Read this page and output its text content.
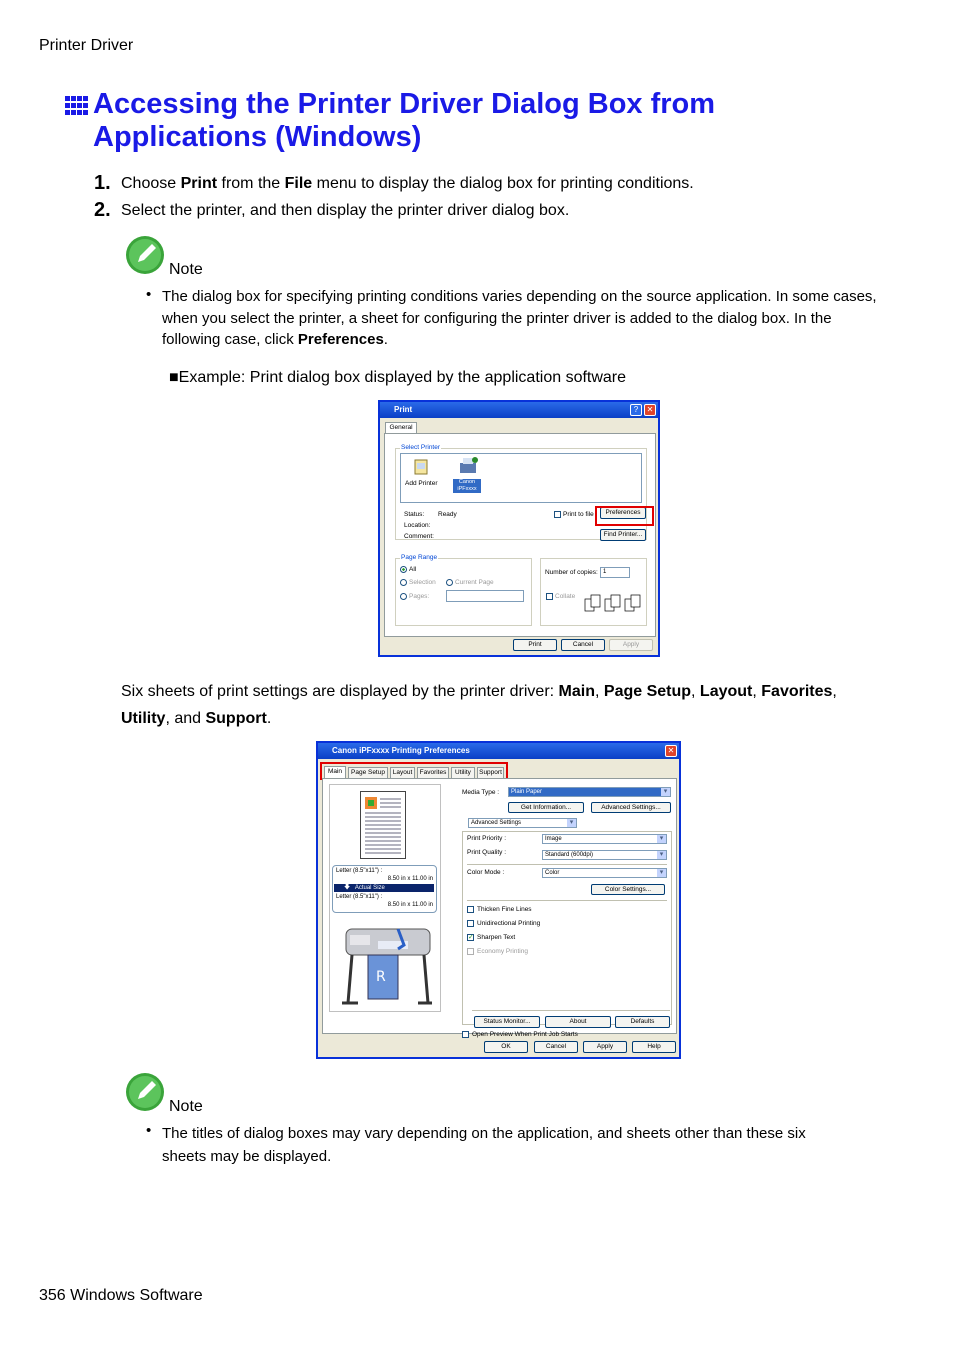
Printer Driver
Accessing the Printer Driver Dialog Box from Applications (Windows)
1. Choose Print from the File menu to display the dialog box for printing conditions.
2. Select the printer, and then display the printer driver dialog box.
Note
• The dialog box for specifying printing conditions varies depending on the source application. In some cases, when you select the printer, a sheet for configuring the printer driver is added to the dialog box. In the following case, click Preferences.
■Example: Print dialog box displayed by the application software
Print	?	✕
General
Select Printer
Add Printer	Canon iPFxxxx
Status: Ready
Location:
Comment:
Print to file	Preferences
Find Printer...
Page Range
All
Selection	Current Page
Pages:
Number of copies: 1
Collate
Print	Cancel	Apply
Six sheets of print settings are displayed by the printer driver: Main, Page Setup, Layout, Favorites, Utility, and Support.
Canon iPFxxxx Printing Preferences	✕
Main	Page Setup	Layout	Favorites	Utility	Support
Letter (8.5"x11") :
8.50 in x 11.00 in
🡇 Actual Size
Letter (8.5"x11") :
8.50 in x 11.00 in
R
Media Type :	Plain Paper ▾
Get Information...	Advanced Settings...
Advanced Settings ▾
Print Priority :	Image ▾
Print Quality :	Standard (600dpi) ▾
Color Mode :	Color ▾
Color Settings...
Thicken Fine Lines
Unidirectional Printing
✓ Sharpen Text
Economy Printing
Open Preview When Print Job Starts
Status Monitor...	About	Defaults
OK	Cancel	Apply	Help
Note
• The titles of dialog boxes may vary depending on the application, and sheets other than these six sheets may be displayed.
356 Windows Software
